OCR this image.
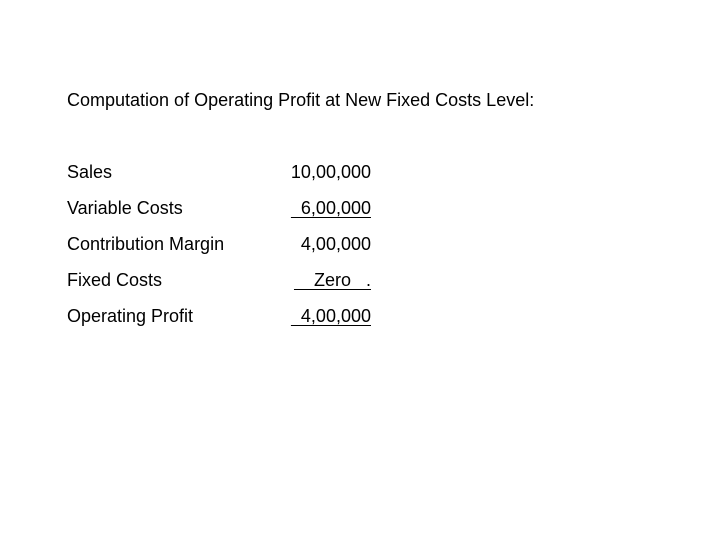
Computation of Operating Profit at New Fixed Costs Level:
Sales	10,00,000
Variable Costs	6,00,000
Contribution Margin	4,00,000
Fixed Costs	Zero   .
Operating Profit	4,00,000
